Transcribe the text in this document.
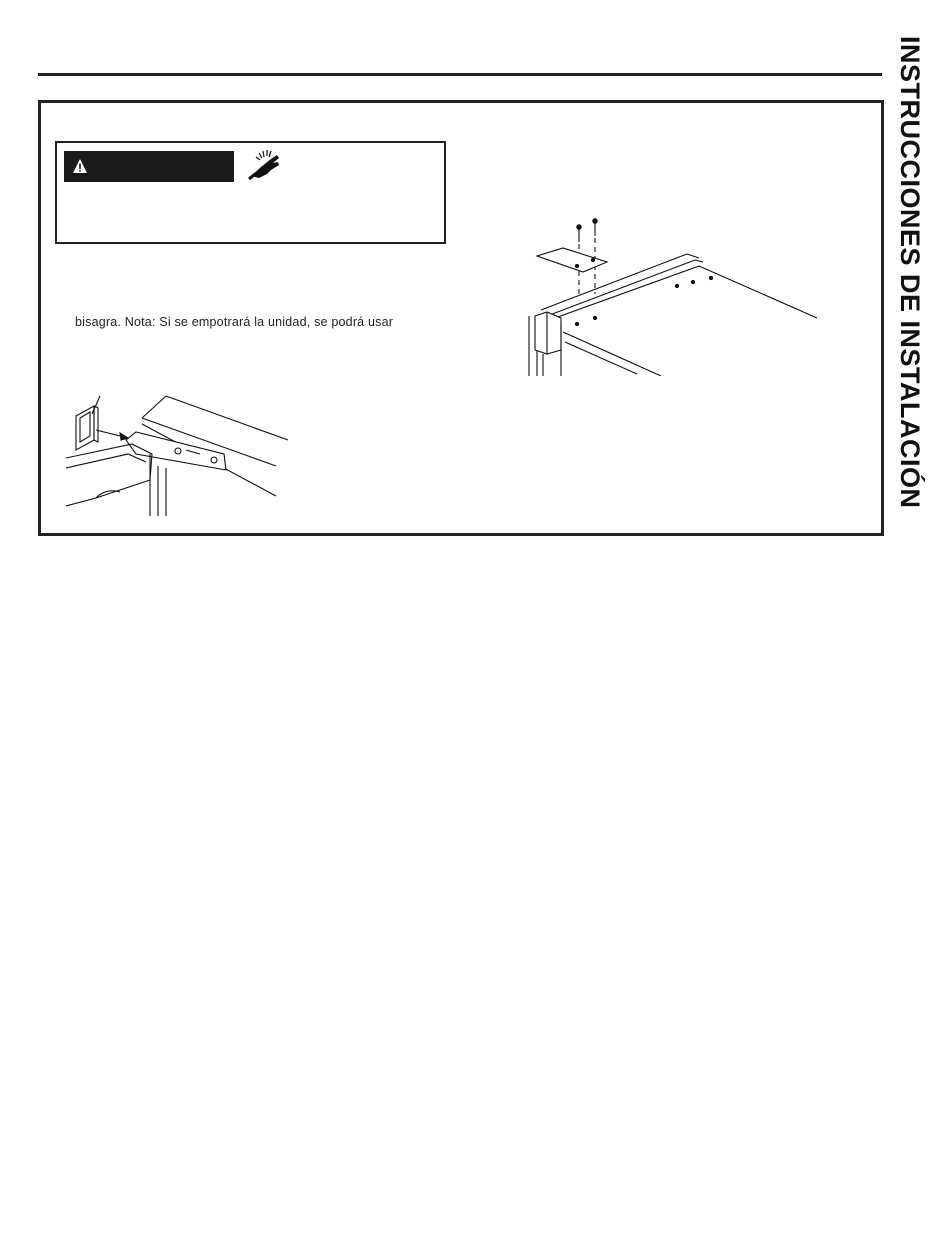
INSTRUCCIONES DE INSTALACIÓN
bisagra. Nota: Si se empotrará la unidad, se podrá usar
